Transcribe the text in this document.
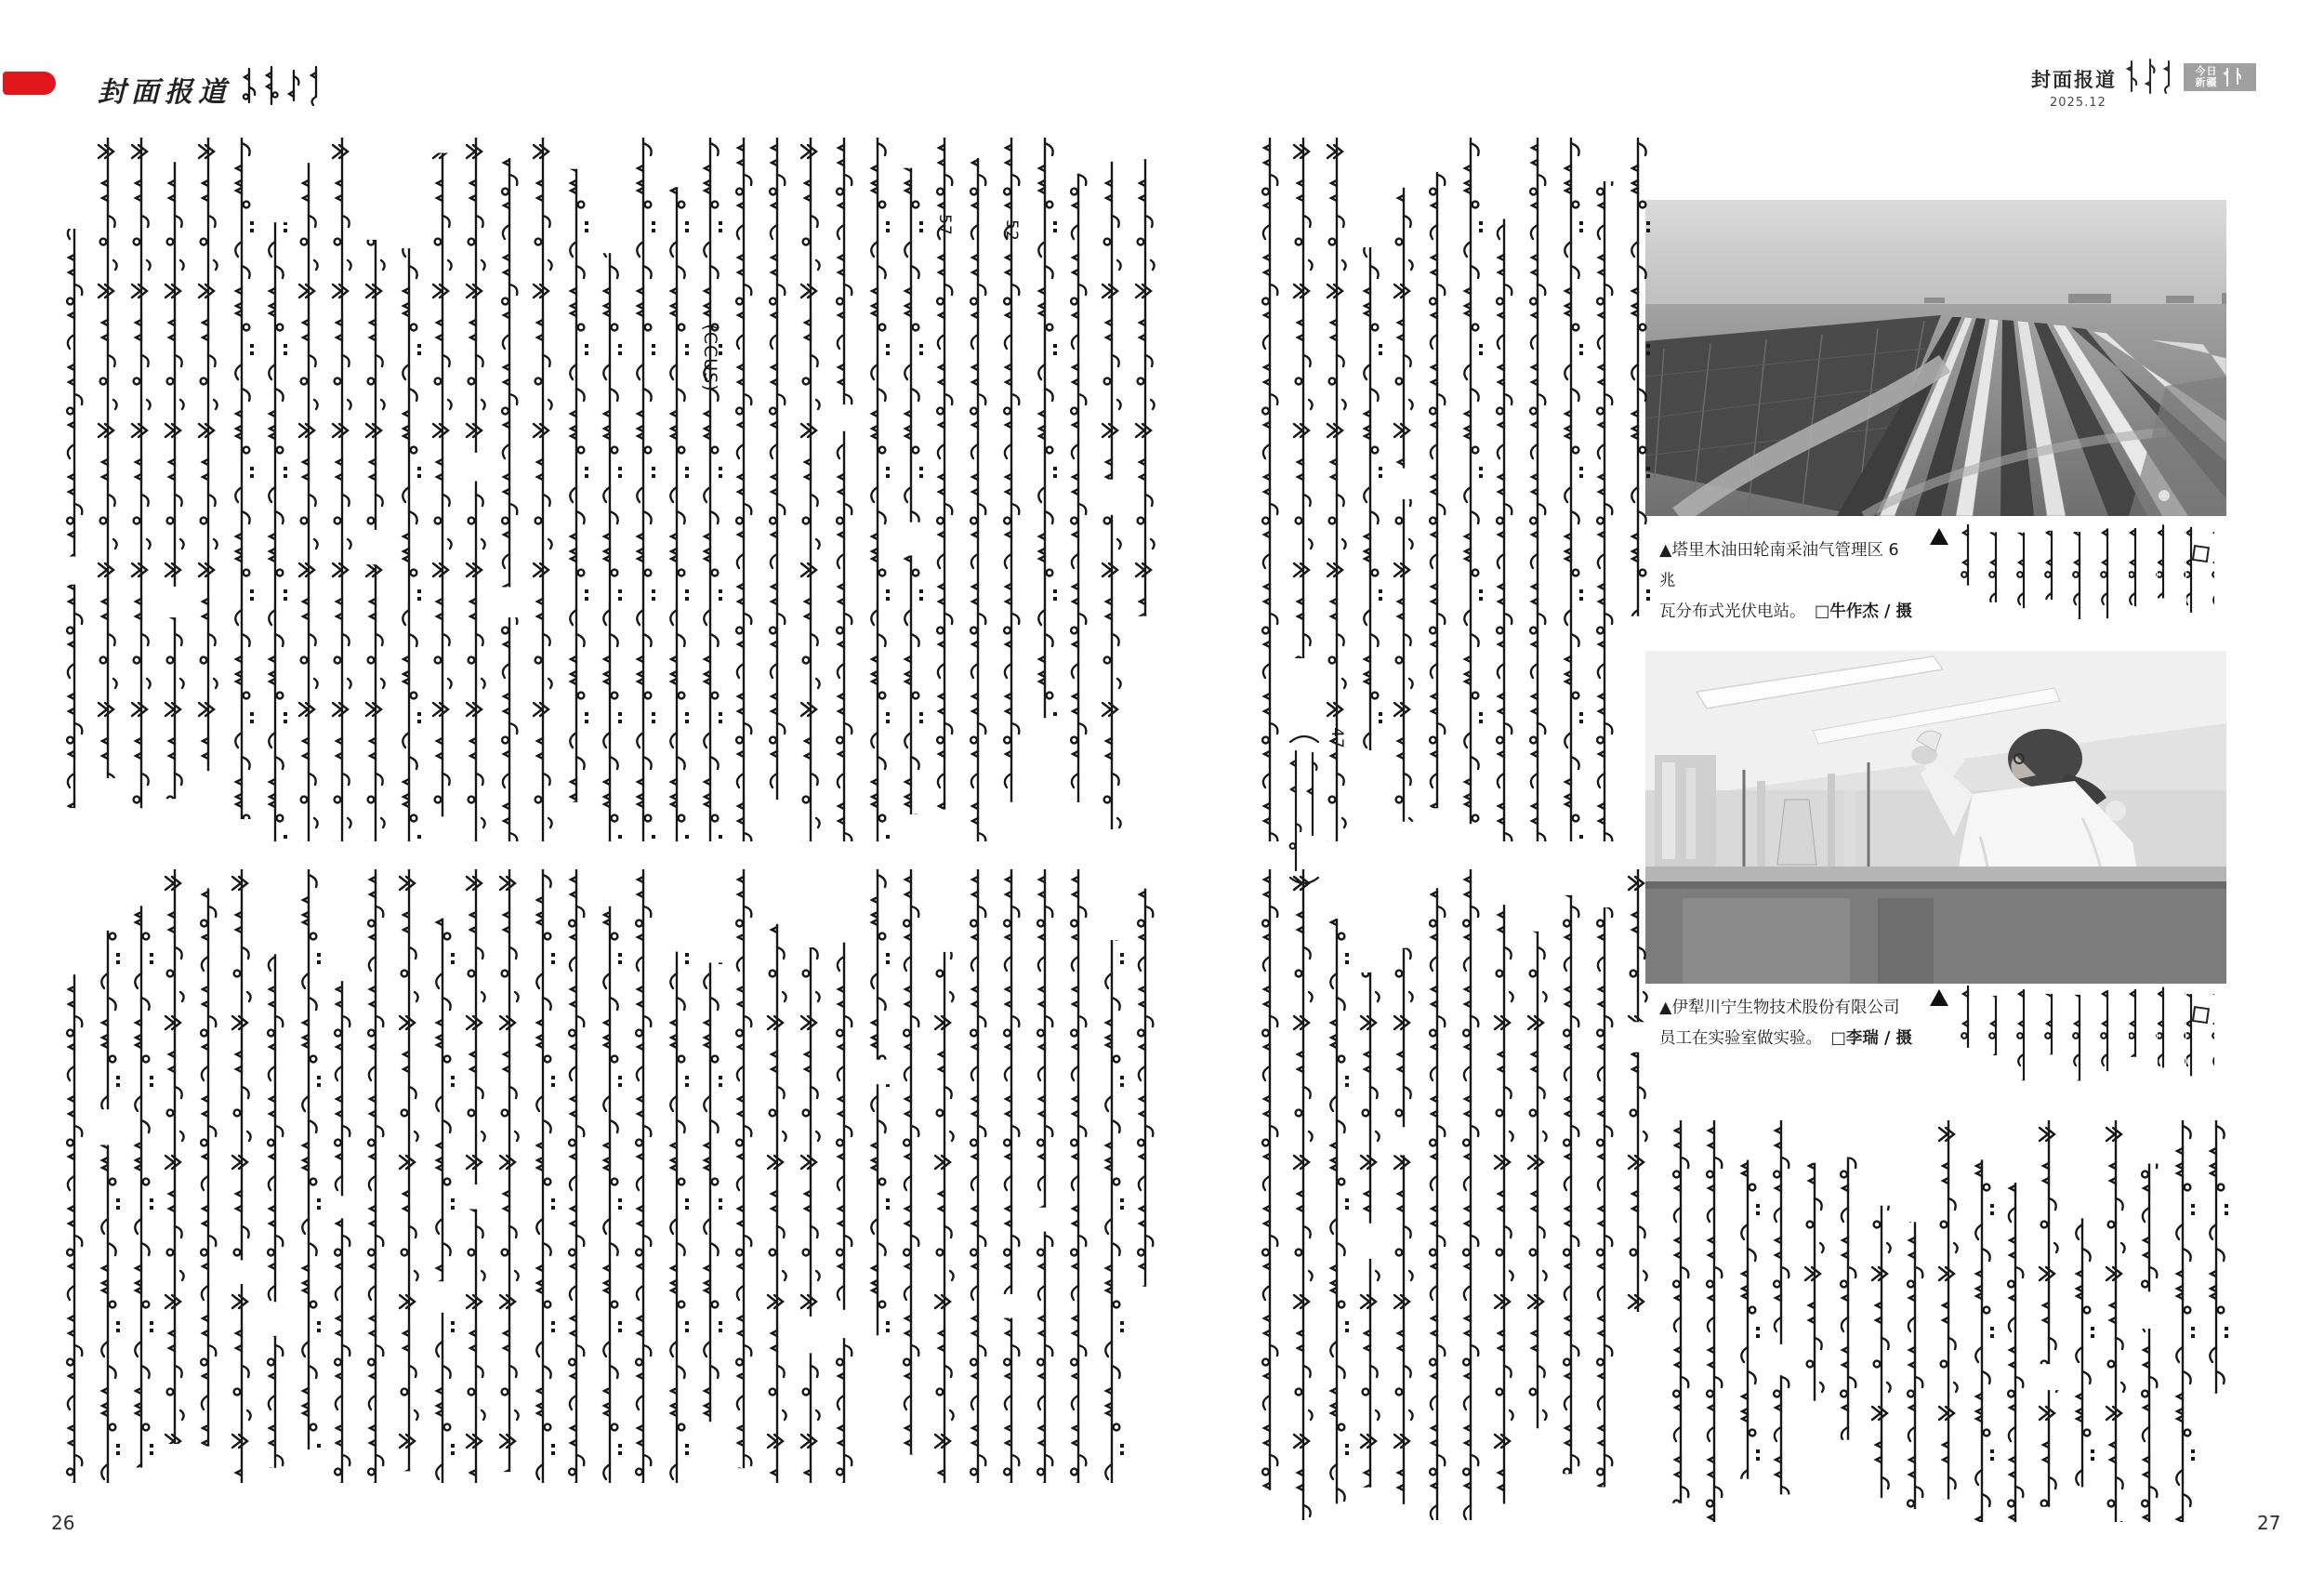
封面报道	封面报道	今日
新疆
2025.12
▲塔里木油田轮南采油气管理区 6 兆
瓦分布式光伏电站。 □牛作杰 / 摄
▲伊犁川宁生物技术股份有限公司
员工在实验室做实验。 □李瑞 / 摄
26	27
